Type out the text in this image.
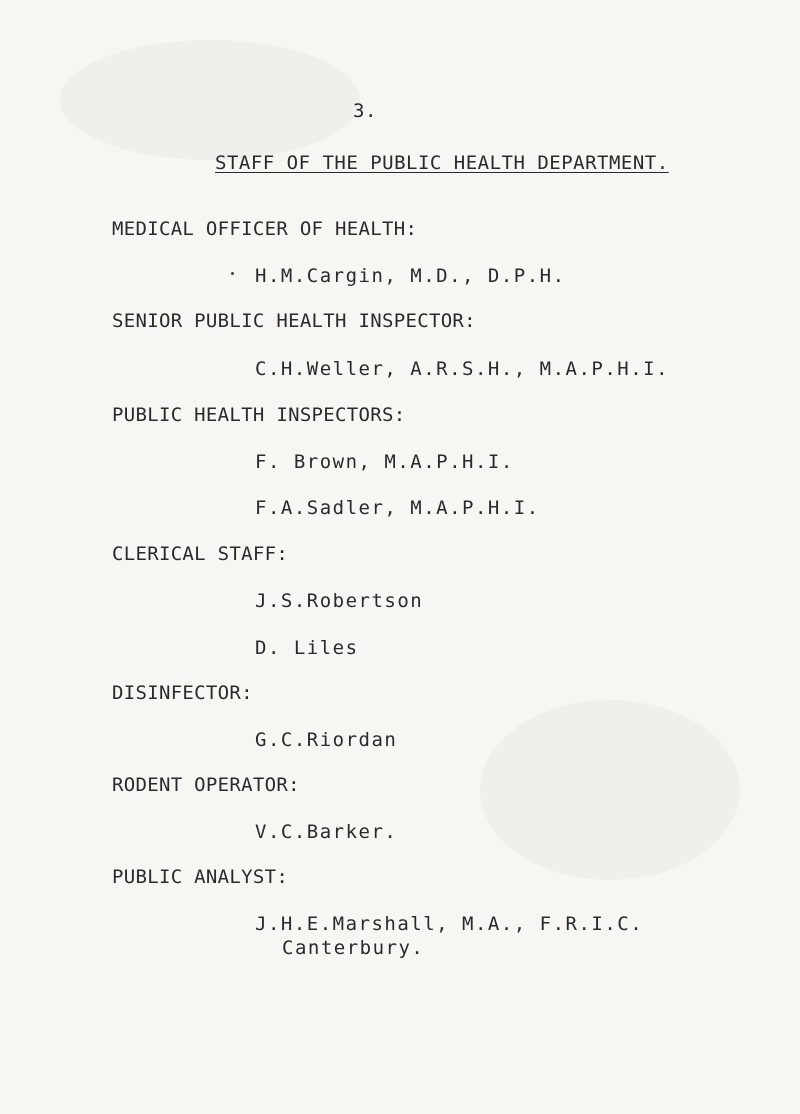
3.
STAFF OF THE PUBLIC HEALTH DEPARTMENT.
MEDICAL OFFICER OF HEALTH:
H.M.Cargin, M.D., D.P.H.
SENIOR PUBLIC HEALTH INSPECTOR:
C.H.Weller, A.R.S.H., M.A.P.H.I.
PUBLIC HEALTH INSPECTORS:
F. Brown, M.A.P.H.I.
F.A.Sadler, M.A.P.H.I.
CLERICAL STAFF:
J.S.Robertson
D. Liles
DISINFECTOR:
G.C.Riordan
RODENT OPERATOR:
V.C.Barker.
PUBLIC ANALYST:
J.H.E.Marshall, M.A., F.R.I.C.
Canterbury.
